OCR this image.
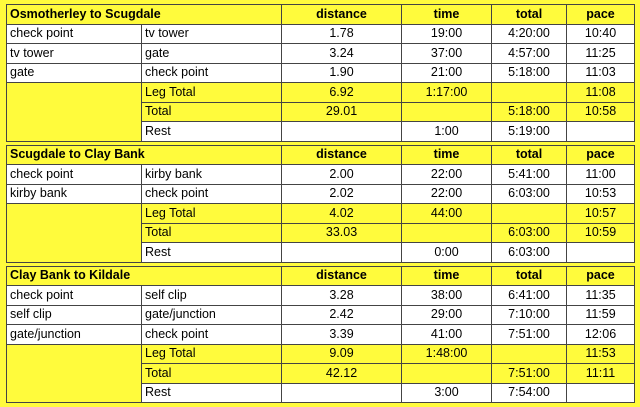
Osmotherley to Scugdale		distance	time	total	pace
check point	tv tower	1.78	19:00	4:20:00	10:40
tv tower	gate	3.24	37:00	4:57:00	11:25
gate	check point	1.90	21:00	5:18:00	11:03
	Leg Total	6.92	1:17:00		11:08
	Total	29.01		5:18:00	10:58
	Rest		1:00	5:19:00	

Scugdale to Clay Bank		distance	time	total	pace
check point	kirby bank	2.00	22:00	5:41:00	11:00
kirby bank	check point	2.02	22:00	6:03:00	10:53
	Leg Total	4.02	44:00		10:57
	Total	33.03		6:03:00	10:59
	Rest		0:00	6:03:00	

Clay Bank to Kildale		distance	time	total	pace
check point	self clip	3.28	38:00	6:41:00	11:35
self clip	gate/junction	2.42	29:00	7:10:00	11:59
gate/junction	check point	3.39	41:00	7:51:00	12:06
	Leg Total	9.09	1:48:00		11:53
	Total	42.12		7:51:00	11:11
	Rest		3:00	7:54:00	
